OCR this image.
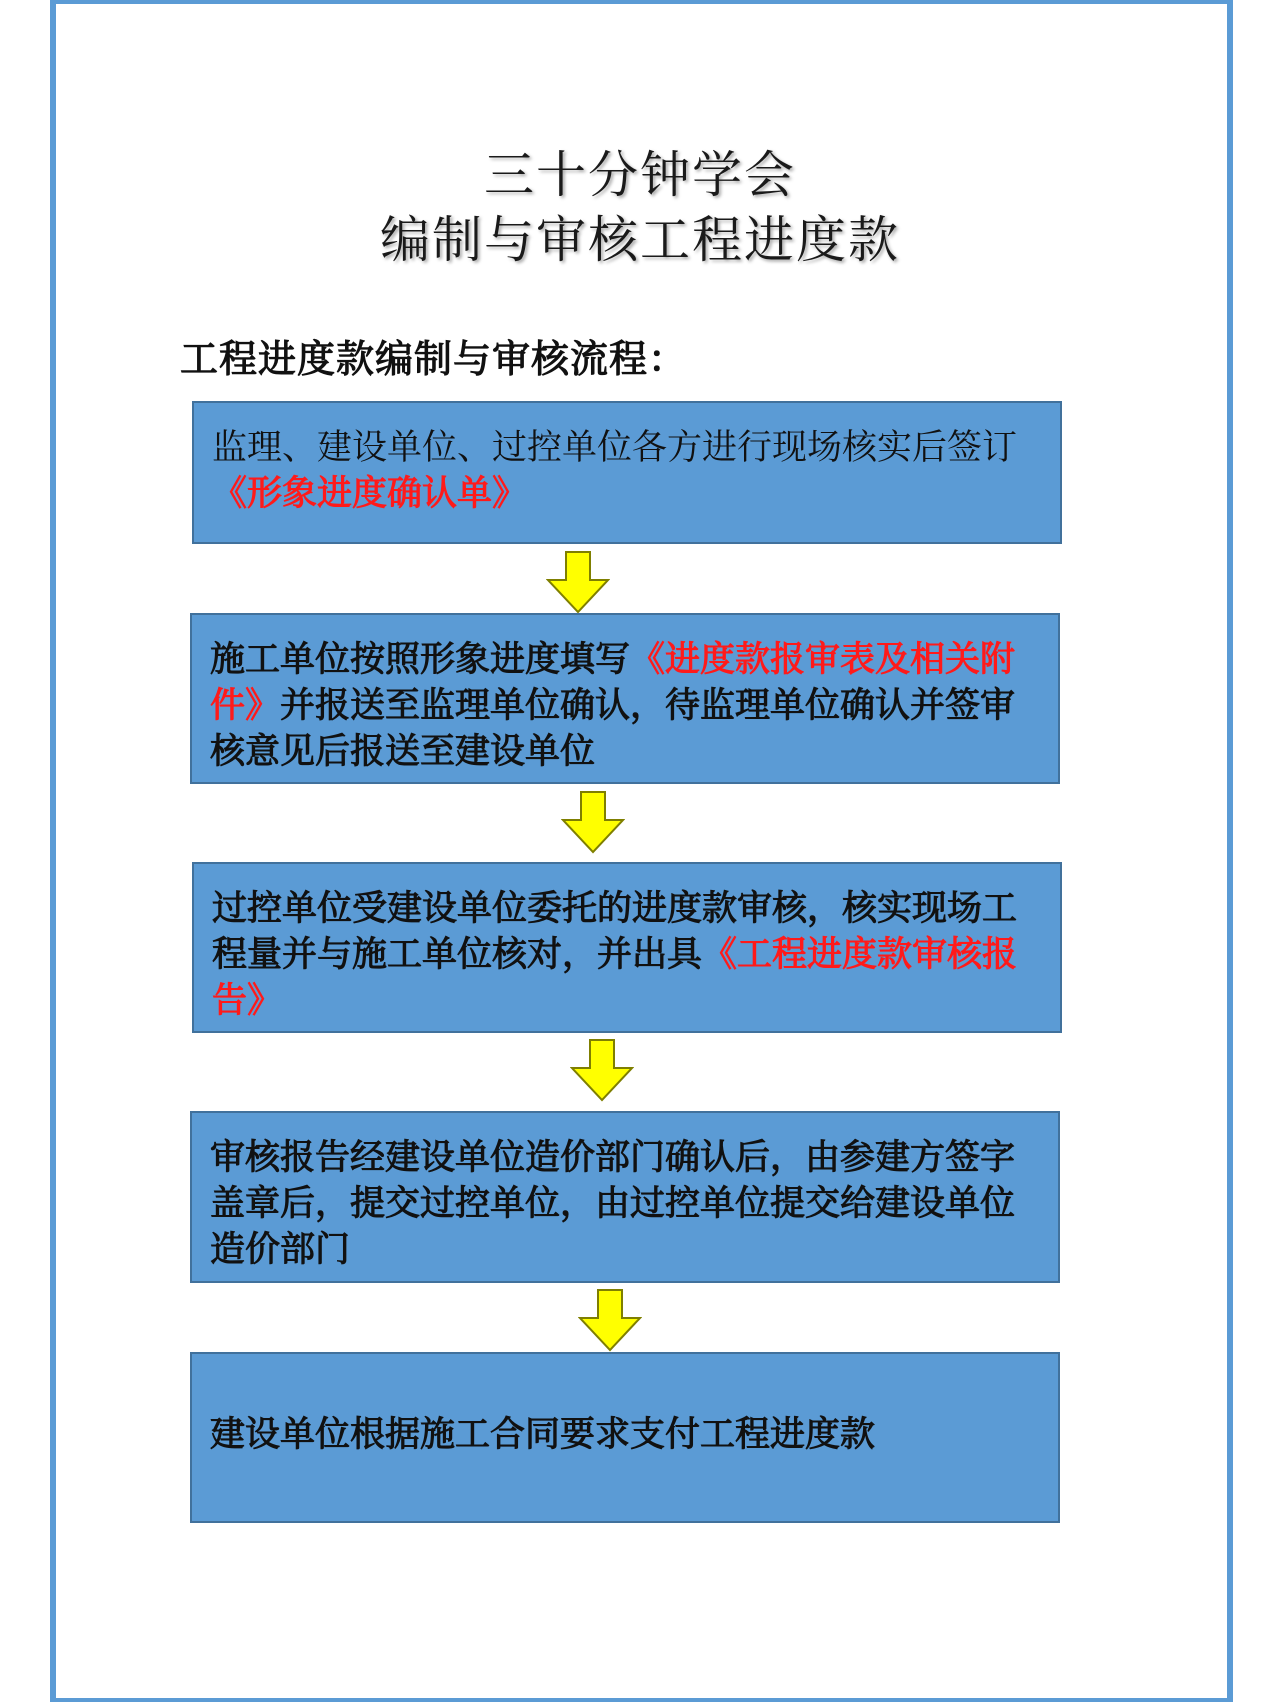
三十分钟学会
编制与审核工程进度款
工程进度款编制与审核流程：
监理、建设单位、过控单位各方进行现场核实后签订《形象进度确认单》
施工单位按照形象进度填写《进度款报审表及相关附件》并报送至监理单位确认，待监理单位确认并签审核意见后报送至建设单位
过控单位受建设单位委托的进度款审核，核实现场工程量并与施工单位核对，并出具《工程进度款审核报告》
审核报告经建设单位造价部门确认后，由参建方签字盖章后，提交过控单位，由过控单位提交给建设单位造价部门
建设单位根据施工合同要求支付工程进度款
